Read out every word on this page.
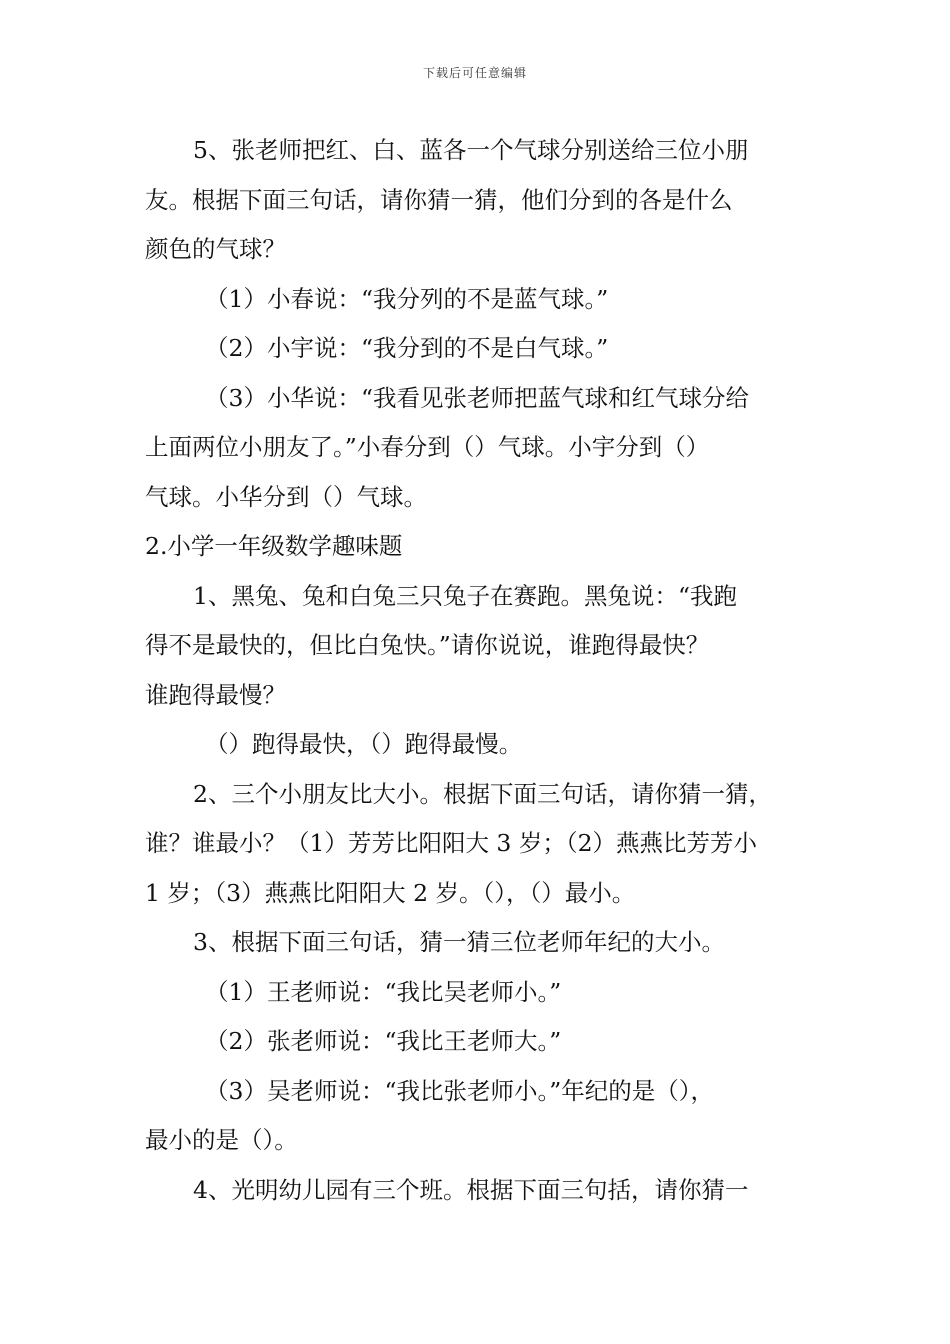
下载后可任意编辑
5、张老师把红、白、蓝各一个气球分别送给三位小朋
友。根据下面三句话，请你猜一猜，他们分到的各是什么
颜色的气球？
（1）小春说：“我分列的不是蓝气球。”
（2）小宇说：“我分到的不是白气球。”
（3）小华说：“我看见张老师把蓝气球和红气球分给
上面两位小朋友了。”小春分到（）气球。小宇分到（）
气球。小华分到（）气球。
2.小学一年级数学趣味题
1、黑兔、兔和白兔三只兔子在赛跑。黑兔说：“我跑
得不是最快的，但比白兔快。”请你说说，谁跑得最快？
谁跑得最慢？
（）跑得最快，（）跑得最慢。
2、三个小朋友比大小。根据下面三句话，请你猜一猜，
谁？谁最小？（1）芳芳比阳阳大 3 岁；（2）燕燕比芳芳小
1 岁；（3）燕燕比阳阳大 2 岁。（），（）最小。
3、根据下面三句话，猜一猜三位老师年纪的大小。
（1）王老师说：“我比吴老师小。”
（2）张老师说：“我比王老师大。”
（3）吴老师说：“我比张老师小。”年纪的是（），
最小的是（）。
4、光明幼儿园有三个班。根据下面三句括，请你猜一
